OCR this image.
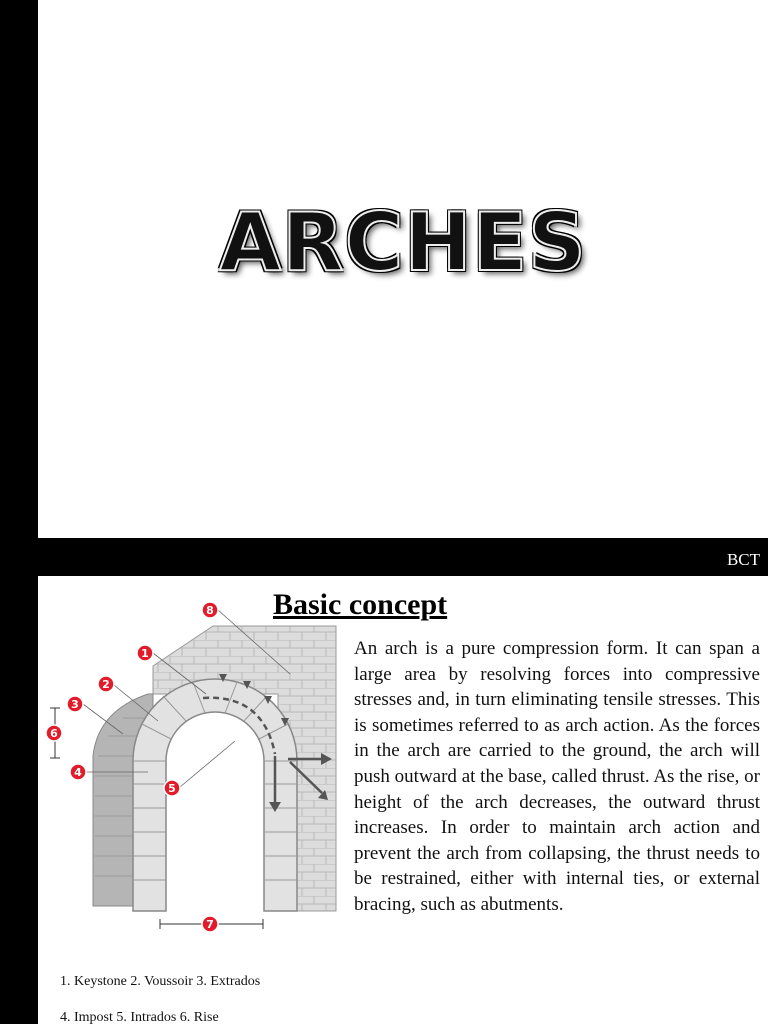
ARCHES
BCT
1
2
3
4
5
6
7
8 Basic concept
An arch is a pure compression form. It can span a large area by resolving forces into compressive stresses and, in turn eliminating tensile stresses. This is sometimes referred to as arch action. As the forces in the arch are carried to the ground, the arch will push outward at the base, called thrust. As the rise, or height of the arch decreases, the outward thrust increases. In order to maintain arch action and prevent the arch from collapsing, the thrust needs to be restrained, either with internal ties, or external bracing, such as abutments.
1. Keystone 2. Voussoir 3. Extrados
4. Impost 5. Intrados 6. Rise
